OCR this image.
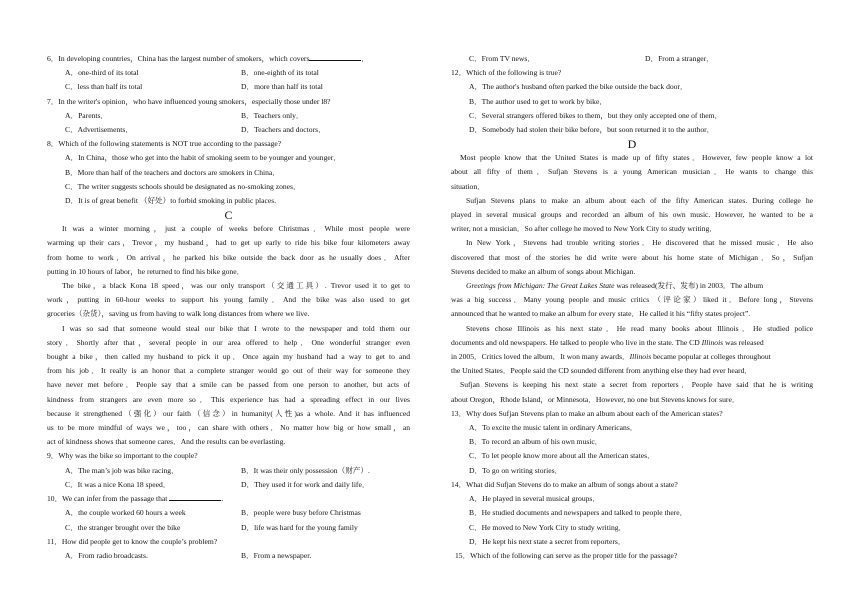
6．In developing countries，China has the largest number of smokers，which covers	．
A．one-third of its total	B．one-eighth of its total
C．less than half its total	D．more than half its total
7．In the writer's opinion，who have influenced young smokers，especially those under l8?
A．Parents．	B．Teachers only．
C．Advertisements．	D．Teachers and doctors．
8．Which of the following statements is NOT true according to the passage?
A．In China，those who get into the habit of smoking seem to be younger and younger．
B．More than half of the teachers and doctors are smokers in China．
C．The writer suggests schools should be designated as no-smoking zones．
D．It is of great benefit （好处）to forbid smoking in public places.
C
It was a winter morning，just a couple of weeks before Christmas．While most people were
warming up their cars，Trevor，my husband，had to get up early to ride his bike four kilometers away
from home to work．On arrival，he parked his bike outside the back door as he usually does．After
putting in 10 hours of labor，he returned to find his bike gone．
The bike，a black Kona 18 speed，was our only transport（交通工具）. Trevor used it to get to
work，putting in 60-hour weeks to support his young family．And the bike was also used to get
groceries（杂货），saving us from having to walk long distances from where we live.
I was so sad that someone would steal our bike that I wrote to the newspaper and told them our
story．Shortly after that，several people in our area offered to help．One wonderful stranger even
bought a bike，then called my husband to pick it up．Once again my husband had a way to get to and
from his job．It really is an honor that a complete stranger would go out of their way for someone they
have never met before．People say that a smile can be passed from one person to another, but acts of
kindness from strangers are even more so．This experience has had a spreading effect in our lives
because it strengthened（强化）our faith（信念）in humanity(人性)as a whole. And it has influenced
us to be more mindful of ways we，too，can share with others．No matter how big or how small，an
act of kindness shows that someone cares．And the results can be everlasting.
9．Why was the bike so important to the couple?
A．The man’s job was bike racing．	B．It was their only possession（财产）.
C．It was a nice Kona 18 speed．	D．They used it for work and daily life．
10．We can infer from the passage that	.
A．the couple worked 60 hours a week	B．people were busy before Christmas
C．the stranger brought over the bike	D．life was hard for the young family
11．How did people get to know the couple’s problem?
A．From radio broadcasts.	B．From a newspaper.
C．From TV news．	D．From a stranger．
12．Which of the following is true?
A．The author's husband often parked the bike outside the back door．
B．The author used to get to work by bike．
C．Several strangers offered bikes to them，but they only accepted one of them．
D．Somebody had stolen their bike before，but soon returned it to the author．
D
Most people know that the United States is made up of fifty states．However, few people know a lot
about all fifty of them．Sufjan Stevens is a young American musician．He wants to change this
situation．
Sufjan Stevens plans to make an album about each of the fifty American states. During college he
played in several musical groups and recorded an album of his own music. However, he wanted to be a
writer, not a musician．So after college he moved to New York City to study writing．
In New York，Stevens had trouble writing stories．He discovered that he missed music．He also
discovered that most of the stories he did write were about his home state of Michigan．So，Sufjan
Stevens decided to make an album of songs about Michigan.
Greetings from Michigan: The Great Lakes State was released(发行、发布) in 2003．The album
was a big success．Many young people and music critics （评论家）liked it．Before long，Stevens
announced that he wanted to make an album for every state．He called it his “fifty states project”.
Stevens chose Illinois as his next state．He read many books about Illinois．He studied police
documents and old newspapers. He talked to people who live in the state. The CD Illinois was released
in 2005．Critics loved the album．It won many awards．Illinois became popular at colleges throughout
the United States．People said the CD sounded different from anything else they had ever heard．
Sufjan Stevens is keeping his next state a secret from reporters．People have said that he is writing
about Oregon，Rhode Island，or Minnesota．However, no one but Stevens knows for sure．
13．Why does Sufjan Stevens plan to make an album about each of the American states?
A．To excite the music talent in ordinary Americans．
B．To record an album of his own music．
C．To let people know more about all the American states．
D．To go on writing stories．
14．What did Sufjan Stevens do to make an album of songs about a state?
A．He played in several musical groups．
B．He studied documents and newspapers and talked to people there．
C．He moved to New York City to study writing．
D．He kept his next state a secret from reporters．
15．Which of the following can serve as the proper title for the passage?
